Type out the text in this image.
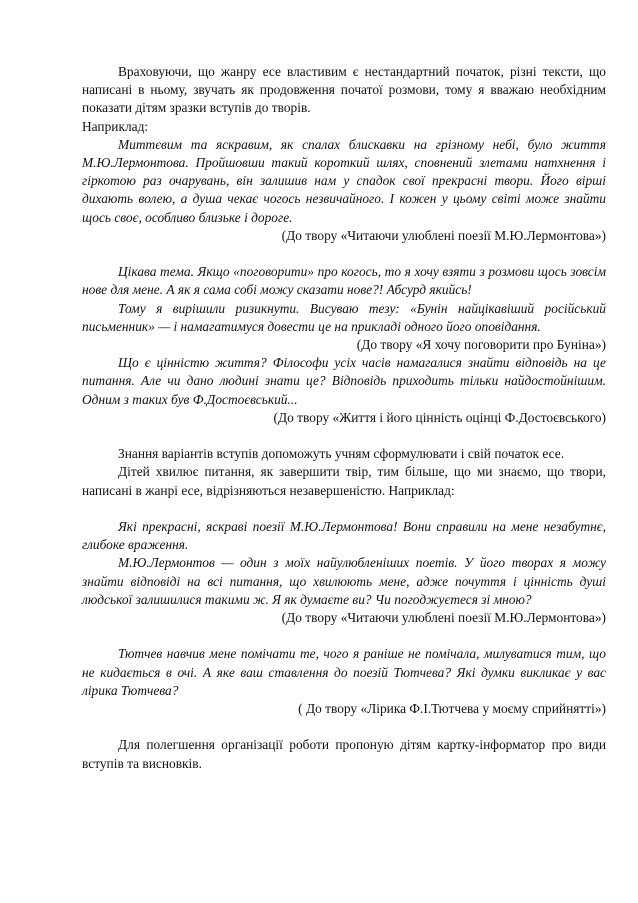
Враховуючи, що жанру есе властивим є нестандартний початок, різні тексти, що написані в ньому, звучать як продовження початої розмови, тому я вважаю необхідним показати дітям зразки вступів до творів.

Наприклад:

Миттєвим та яскравим, як спалах блискавки на грізному небі, було життя М.Ю.Лермонтова. Пройшовши такий короткий шлях, сповнений злетами натхнення і гіркотою раз очарувань, він залишив нам у спадок свої прекрасні твори. Його вірші дихають волею, а душа чекає чогось незвичайного. І кожен у цьому світі може знайти щось своє, особливо близьке і дороге.

(До твору «Читаючи улюблені поезії М.Ю.Лермонтова»)

Цікава тема. Якщо «поговорити» про когось, то я хочу взяти з розмови щось зовсім нове для мене. А як я сама собі можу сказати нове?! Абсурд якийсь!

Тому я вирішили ризикнути. Висуваю тезу: «Бунін найцікавіший російський письменник» — і намагатимуся довести це на прикладі одного його оповідання.

(До твору «Я хочу поговорити про Буніна»)

Що є цінністю життя? Філософи усіх часів намагалися знайти відповідь на це питання. Але чи дано людині знати це? Відповідь приходить тільки найдостойнішим. Одним з таких був Ф.Достоєвський...

(До твору «Життя і його цінність оцінці Ф.Достоєвського)

Знання варіантів вступів допоможуть учням сформулювати і свій початок есе.

Дітей хвилює питання, як завершити твір, тим більше, що ми знаємо, що твори, написані в жанрі есе, відрізняються незавершеністю. Наприклад:

Які прекрасні, яскраві поезії М.Ю.Лермонтова! Вони справили на мене незабутнє, глибоке враження.

М.Ю.Лермонтов — один з моїх найулюбленіших поетів. У його творах я можу знайти відповіді на всі питання, що хвилюють мене, адже почуття і цінність душі людської залишилися такими ж. Я як думаєте ви? Чи погоджуєтеся зі мною?

(До твору «Читаючи улюблені поезії М.Ю.Лермонтова»)

Тютчев навчив мене помічати те, чого я раніше не помічала, милуватися тим, що не кидається в очі. А яке ваш ставлення до поезій Тютчева? Які думки викликає у вас лірика Тютчева?

( До твору «Лірика Ф.І.Тютчева у моєму сприйнятті»)

Для полегшення організації роботи пропоную дітям картку-інформатор про види вступів та висновків.
